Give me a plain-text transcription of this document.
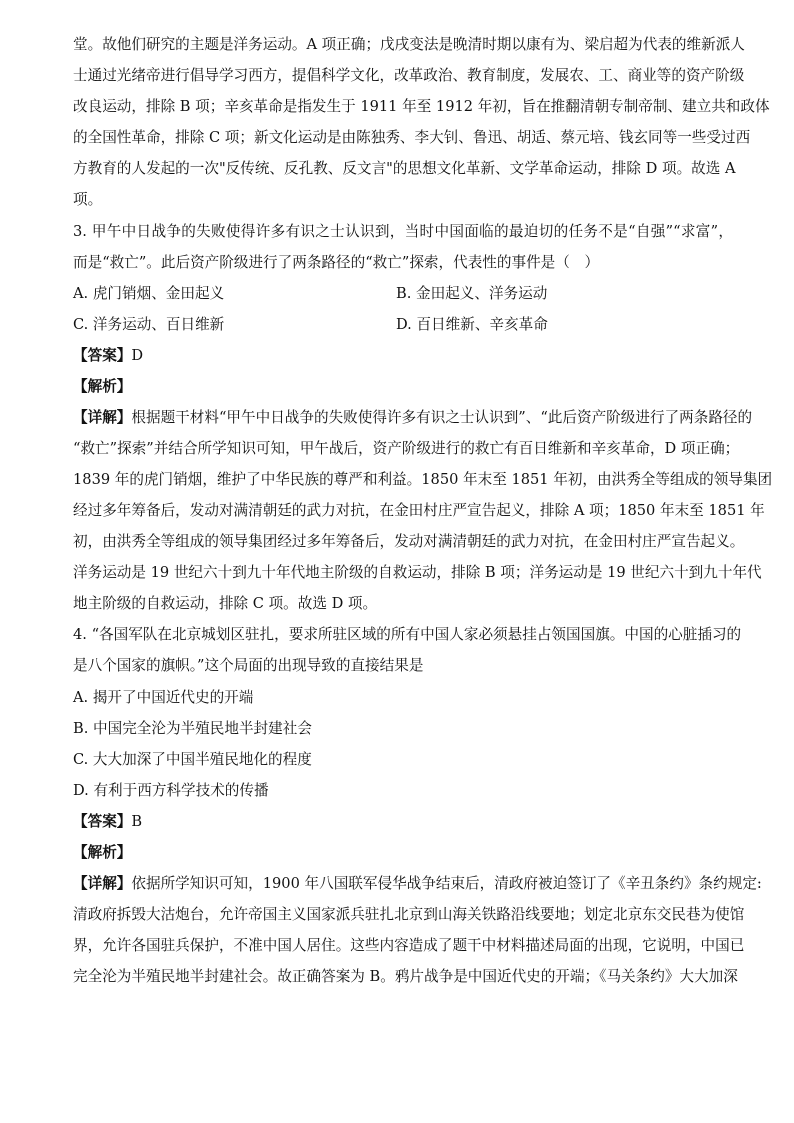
堂。故他们研究的主题是洋务运动。A 项正确；戊戌变法是晚清时期以康有为、梁启超为代表的维新派人
士通过光绪帝进行倡导学习西方，提倡科学文化，改革政治、教育制度，发展农、工、商业等的资产阶级
改良运动，排除 B 项；辛亥革命是指发生于 1911 年至 1912 年初，旨在推翻清朝专制帝制、建立共和政体
的全国性革命，排除 C 项；新文化运动是由陈独秀、李大钊、鲁迅、胡适、蔡元培、钱玄同等一些受过西
方教育的人发起的一次"反传统、反孔教、反文言"的思想文化革新、文学革命运动，排除 D 项。故选 A
项。
3. 甲午中日战争的失败使得许多有识之士认识到，当时中国面临的最迫切的任务不是“自强”“求富”，
而是“救亡”。此后资产阶级进行了两条路径的“救亡”探索，代表性的事件是（　）
A. 虎门销烟、金田起义	B. 金田起义、洋务运动
C. 洋务运动、百日维新	D. 百日维新、辛亥革命
【答案】D
【解析】
【详解】根据题干材料“甲午中日战争的失败使得许多有识之士认识到”、“此后资产阶级进行了两条路径的
“救亡”探索”并结合所学知识可知，甲午战后，资产阶级进行的救亡有百日维新和辛亥革命，D 项正确；
1839 年的虎门销烟，维护了中华民族的尊严和利益。1850 年末至 1851 年初，由洪秀全等组成的领导集团
经过多年筹备后，发动对满清朝廷的武力对抗，在金田村庄严宣告起义，排除 A 项；1850 年末至 1851 年
初，由洪秀全等组成的领导集团经过多年筹备后，发动对满清朝廷的武力对抗，在金田村庄严宣告起义。
洋务运动是 19 世纪六十到九十年代地主阶级的自救运动，排除 B 项；洋务运动是 19 世纪六十到九十年代
地主阶级的自救运动，排除 C 项。故选 D 项。
4. “各国军队在北京城划区驻扎，要求所驻区域的所有中国人家必须悬挂占领国国旗。中国的心脏插习的
是八个国家的旗帜。”这个局面的出现导致的直接结果是
A. 揭开了中国近代史的开端
B. 中国完全沦为半殖民地半封建社会
C. 大大加深了中国半殖民地化的程度
D. 有利于西方科学技术的传播
【答案】B
【解析】
【详解】依据所学知识可知，1900 年八国联军侵华战争结束后，清政府被迫签订了《辛丑条约》条约规定:
清政府拆毁大沽炮台，允许帝国主义国家派兵驻扎北京到山海关铁路沿线要地；划定北京东交民巷为使馆
界，允许各国驻兵保护，不准中国人居住。这些内容造成了题干中材料描述局面的出现，它说明，中国已
完全沦为半殖民地半封建社会。故正确答案为 B。鸦片战争是中国近代史的开端；《马关条约》大大加深
